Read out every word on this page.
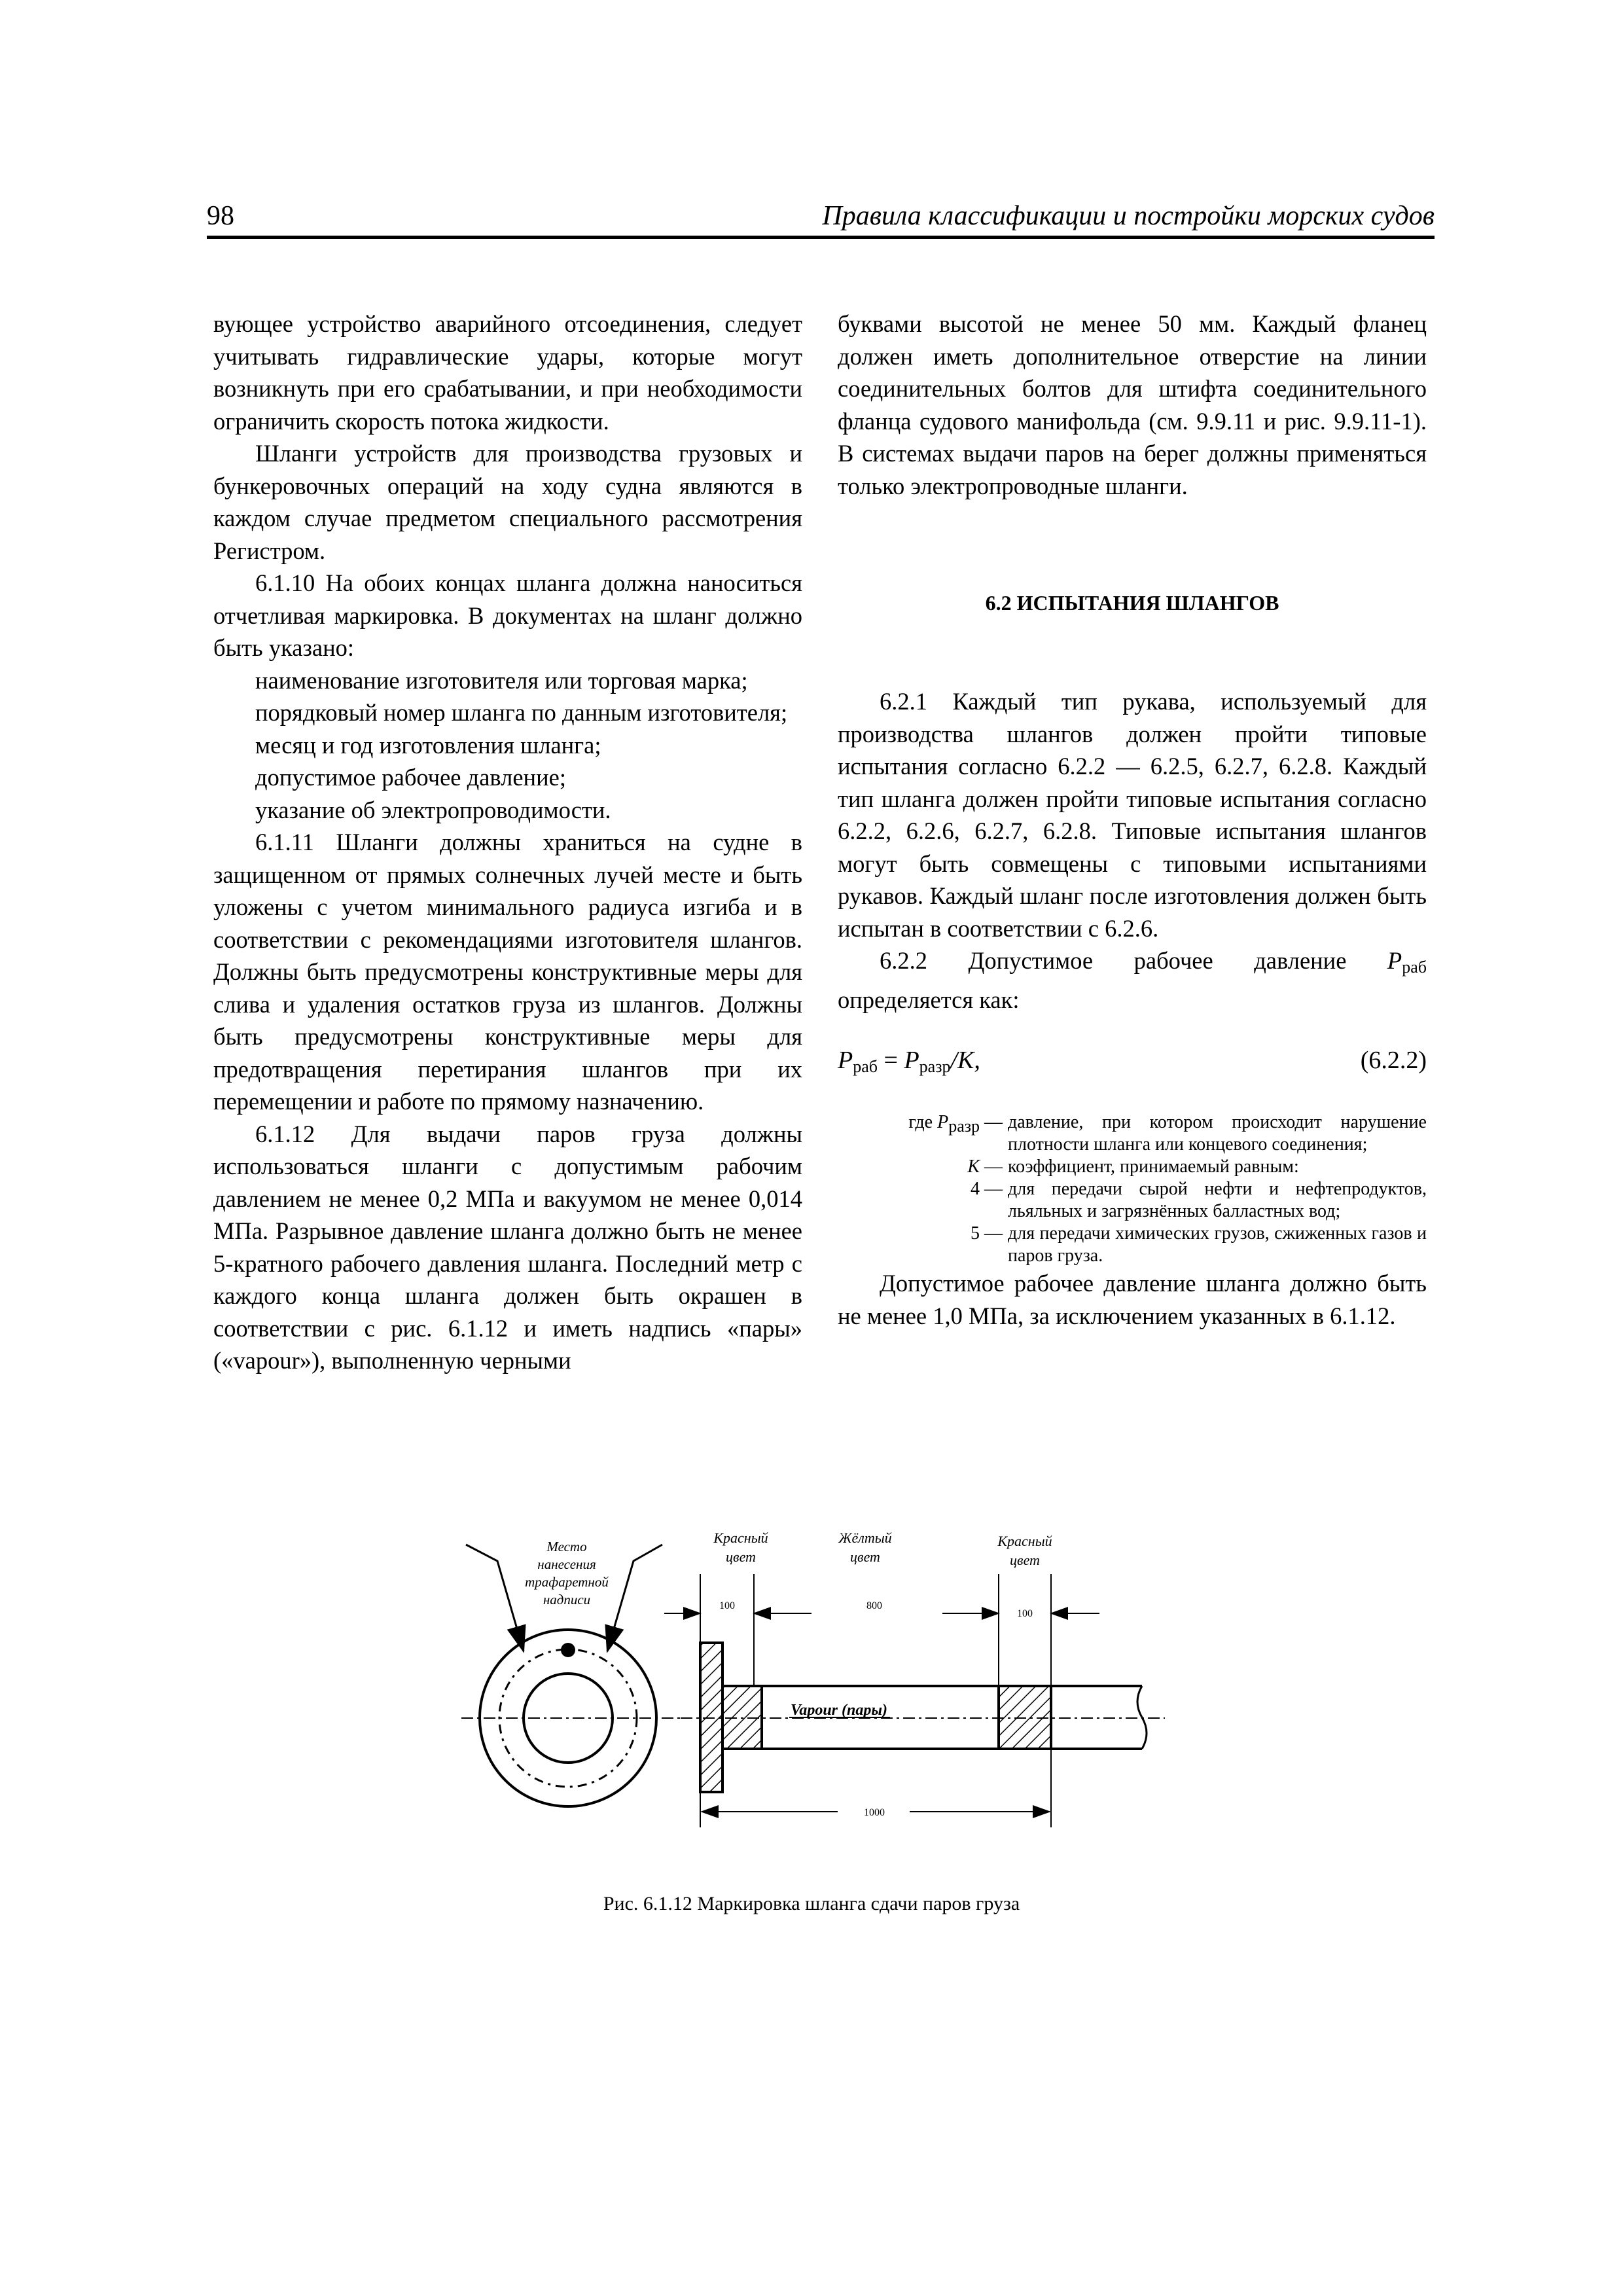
98	Правила классификации и постройки морских судов

вующее устройство аварийного отсоединения, следует учитывать гидравлические удары, которые могут возникнуть при его срабатывании, и при необходимости ограничить скорость потока жидкости.

Шланги устройств для производства грузовых и бункеровочных операций на ходу судна являются в каждом случае предметом специального рассмотрения Регистром.

6.1.10 На обоих концах шланга должна наноситься отчетливая маркировка. В документах на шланг должно быть указано:

наименование изготовителя или торговая марка;

порядковый номер шланга по данным изготовителя;

месяц и год изготовления шланга;

допустимое рабочее давление;

указание об электропроводимости.

6.1.11 Шланги должны храниться на судне в защищенном от прямых солнечных лучей месте и быть уложены с учетом минимального радиуса изгиба и в соответствии с рекомендациями изготовителя шлангов. Должны быть предусмотрены конструктивные меры для слива и удаления остатков груза из шлангов. Должны быть предусмотрены конструктивные меры для предотвращения перетирания шлангов при их перемещении и работе по прямому назначению.

6.1.12 Для выдачи паров груза должны использоваться шланги с допустимым рабочим давлением не менее 0,2 МПа и вакуумом не менее 0,014 МПа. Разрывное давление шланга должно быть не менее 5-кратного рабочего давления шланга. Последний метр с каждого конца шланга должен быть окрашен в соответствии с рис. 6.1.12 и иметь надпись «пары» («vapour»), выполненную черными

буквами высотой не менее 50 мм. Каждый фланец должен иметь дополнительное отверстие на линии соединительных болтов для штифта соединительного фланца судового манифольда (см. 9.9.11 и рис. 9.9.11-1). В системах выдачи паров на берег должны применяться только электропроводные шланги.

6.2 ИСПЫТАНИЯ ШЛАНГОВ

6.2.1 Каждый тип рукава, используемый для производства шлангов должен пройти типовые испытания согласно 6.2.2 — 6.2.5, 6.2.7, 6.2.8. Каждый тип шланга должен пройти типовые испытания согласно 6.2.2, 6.2.6, 6.2.7, 6.2.8. Типовые испытания шлангов могут быть совмещены с типовыми испытаниями рукавов. Каждый шланг после изготовления должен быть испытан в соответствии с 6.2.6.

6.2.2 Допустимое рабочее давление $P_{раб}$ определяется как:

$P_{раб} = P_{разр}/K$,	(6.2.2)
где $P_{разр}$ — давление, при котором происходит нарушение плотности шланга или концевого соединения;
K — коэффициент, принимаемый равным:
4 — для передачи сырой нефти и нефтепродуктов, льяльных и загрязнённых балластных вод;
5 — для передачи химических грузов, сжиженных газов и паров груза.

Допустимое рабочее давление шланга должно быть не менее 1,0 МПа, за исключением указанных в 6.1.12.

Место
нанесения
трафаретной
надписи
Vapour (пары)
Красный
цвет
Жёлтый
цвет
Красный
цвет
100	800
100
1000
Рис. 6.1.12 Маркировка шланга сдачи паров груза
